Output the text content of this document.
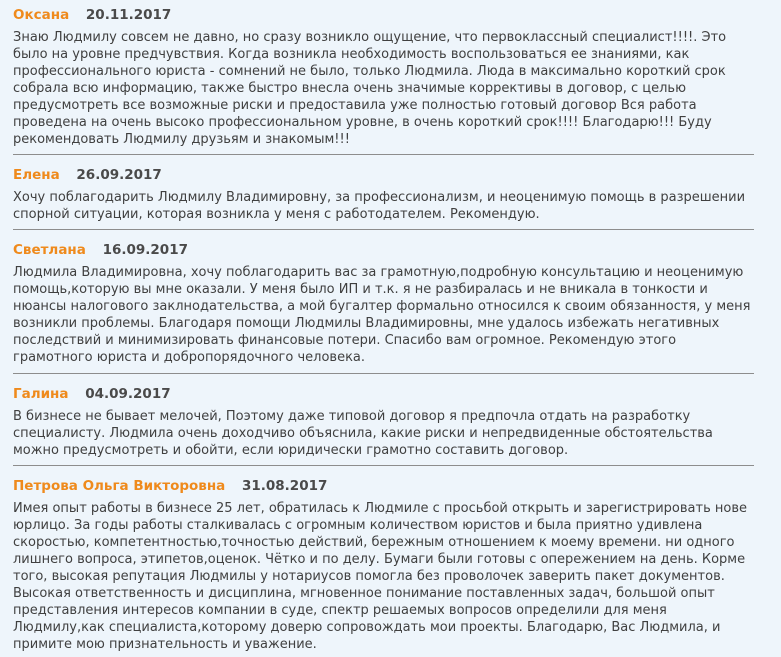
Оксана 20.11.2017
Знаю Людмилу совсем не давно, но сразу возникло ощущение, что первоклассный специалист!!!!. Это было на уровне предчувствия. Когда возникла необходимость воспользоваться ее знаниями, как профессионального юриста - сомнений не было, только Людмила. Люда в максимально короткий срок собрала всю информацию, также быстро внесла очень значимые коррективы в договор, с целью предусмотреть все возможные риски и предоставила уже полностью готовый договор Вся работа проведена на очень высоко профессиональном уровне, в очень короткий срок!!!! Благодарю!!! Буду рекомендовать Людмилу друзьям и знакомым!!!
Елена 26.09.2017
Хочу поблагодарить Людмилу Владимировну, за профессионализм, и неоценимую помощь в разрешении спорной ситуации, которая возникла у меня с работодателем. Рекомендую.
Светлана 16.09.2017
Людмила Владимировна, хочу поблагодарить вас за грамотную,подробную консультацию и неоценимую помощь,которую вы мне оказали. У меня было ИП и т.к. я не разбиралась и не вникала в тонкости и нюансы налогового заклнодательства, а мой бугалтер формально относился к своим обязанностя, у меня возникли проблемы. Благодаря помощи Людмилы Владимировны, мне удалось избежать негативных последствий и минимизировать финансовые потери. Спасибо вам огромное. Рекомендую этого грамотного юриста и добропорядочного человека.
Галина 04.09.2017
В бизнесе не бывает мелочей, Поэтому даже типовой договор я предпочла отдать на разработку специалисту. Людмила очень доходчиво объяснила, какие риски и непредвиденные обстоятельства можно предусмотреть и обойти, если юридически грамотно составить договор.
Петрова Ольга Викторовна 31.08.2017
Имея опыт работы в бизнесе 25 лет, обратилась к Людмиле с просьбой открыть и зарегистрировать нове юрлицо. За годы работы сталкивалась с огромным количеством юристов и была приятно удивлена скоростью, компетентностью,точностью действий, бережным отношением к моему времени. ни одного лишнего вопроса, этипетов,оценок. Чётко и по делу. Бумаги были готовы с опережением на день. Корме того, высокая репутация Людмилы у нотариусов помогла без проволочек заверить пакет документов. Высокая ответственность и дисциплина, мгновенное понимание поставленных задач, большой опыт представления интересов компании в суде, спектр решаемых вопросов определили для меня Людмилу,как специалиста,которому доверю сопровождать мои проекты. Благодарю, Вас Людмила, и примите мою признательность и уважение.
